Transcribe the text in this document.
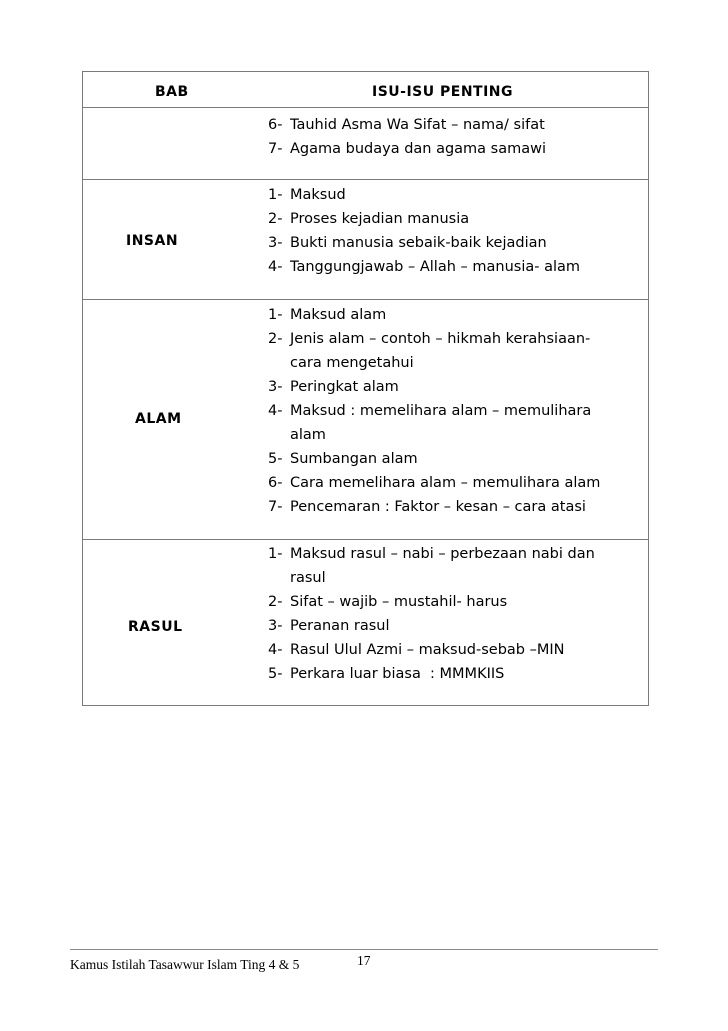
BAB	ISU-ISU PENTING
6- Tauhid Asma Wa Sifat – nama/ sifat
7- Agama budaya dan agama samawi
INSAN
1- Maksud
2- Proses kejadian manusia
3- Bukti manusia sebaik-baik kejadian
4- Tanggungjawab – Allah – manusia- alam
ALAM
1- Maksud alam
2- Jenis alam – contoh – hikmah kerahsiaan-
cara mengetahui
3- Peringkat alam
4- Maksud : memelihara alam – memulihara
alam
5- Sumbangan alam
6- Cara memelihara alam – memulihara alam
7- Pencemaran : Faktor – kesan – cara atasi
RASUL
1- Maksud rasul – nabi – perbezaan nabi dan
rasul
2- Sifat – wajib – mustahil- harus
3- Peranan rasul
4- Rasul Ulul Azmi – maksud-sebab –MIN
5- Perkara luar biasa  : MMMKIIS
Kamus Istilah Tasawwur Islam Ting 4 & 5	17
